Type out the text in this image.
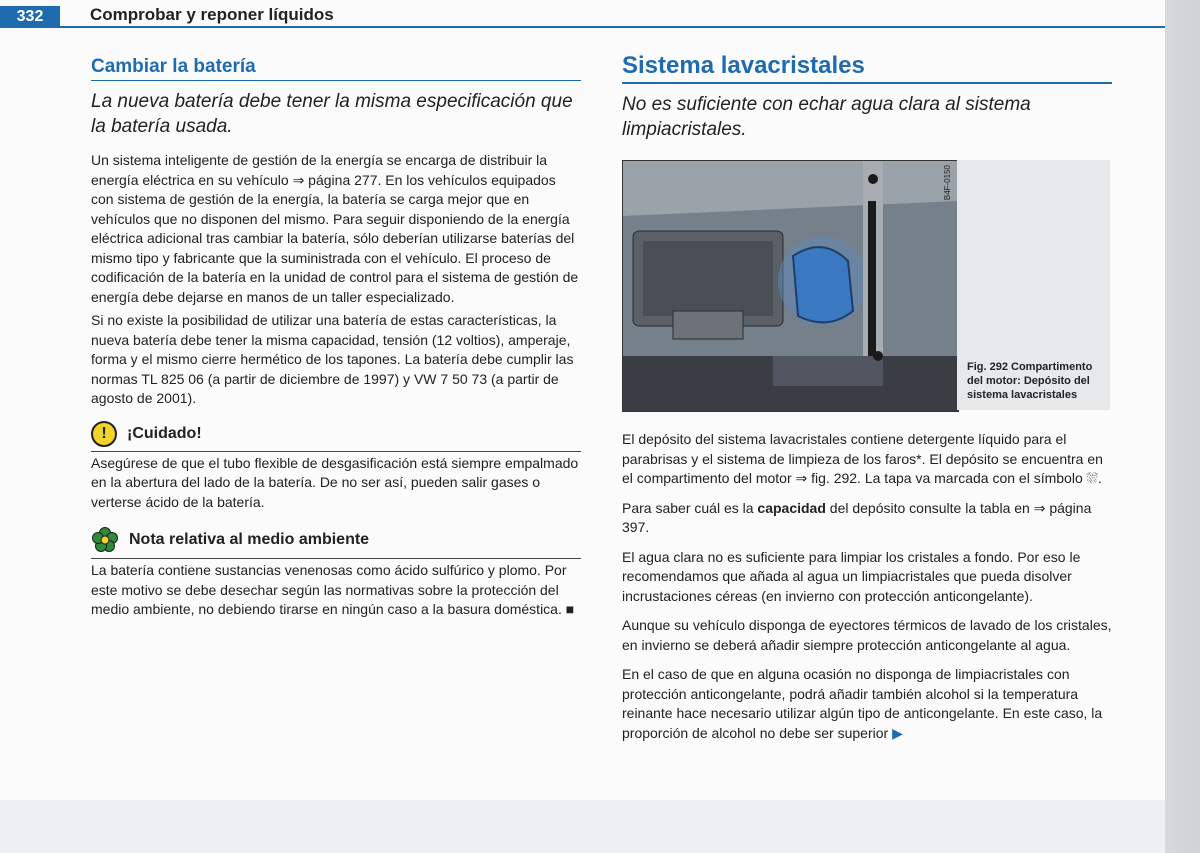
332	Comprobar y reponer líquidos
Cambiar la batería

La nueva batería debe tener la misma especificación que la batería usada.

Un sistema inteligente de gestión de la energía se encarga de distribuir la energía eléctrica en su vehículo ⇒ página 277. En los vehículos equipados con sistema de gestión de la energía, la batería se carga mejor que en vehículos que no disponen del mismo. Para seguir disponiendo de la energía eléctrica adicional tras cambiar la batería, sólo deberían utilizarse baterías del mismo tipo y fabricante que la suministrada con el vehículo. El proceso de codificación de la batería en la unidad de control para el sistema de gestión de energía debe dejarse en manos de un taller especializado.

Si no existe la posibilidad de utilizar una batería de estas características, la nueva batería debe tener la misma capacidad, tensión (12 voltios), amperaje, forma y el mismo cierre hermético de los tapones. La batería debe cumplir las normas TL 825 06 (a partir de diciembre de 1997) y VW 7 50 73 (a partir de agosto de 2001).

!	¡Cuidado!

Asegúrese de que el tubo flexible de desgasificación está siempre empalmado en la abertura del lado de la batería. De no ser así, pueden salir gases o verterse ácido de la batería.

Nota relativa al medio ambiente

La batería contiene sustancias venenosas como ácido sulfúrico y plomo. Por este motivo se debe desechar según las normativas sobre la protección del medio ambiente, no debiendo tirarse en ningún caso a la basura doméstica. ■

Sistema lavacristales

No es suficiente con echar agua clara al sistema limpiacristales.

B4F-0150
Fig. 292 Compartimento del motor: Depósito del sistema lavacristales

El depósito del sistema lavacristales contiene detergente líquido para el parabrisas y el sistema de limpieza de los faros*. El depósito se encuentra en el compartimento del motor ⇒ fig. 292. La tapa va marcada con el símbolo ⛆.

Para saber cuál es la capacidad del depósito consulte la tabla en ⇒ página 397.

El agua clara no es suficiente para limpiar los cristales a fondo. Por eso le recomendamos que añada al agua un limpiacristales que pueda disolver incrustaciones céreas (en invierno con protección anticongelante).

Aunque su vehículo disponga de eyectores térmicos de lavado de los cristales, en invierno se deberá añadir siempre protección anticongelante al agua.

En el caso de que en alguna ocasión no disponga de limpiacristales con protección anticongelante, podrá añadir también alcohol si la temperatura reinante hace necesario utilizar algún tipo de anticongelante. En este caso, la proporción de alcohol no debe ser superior ▶
